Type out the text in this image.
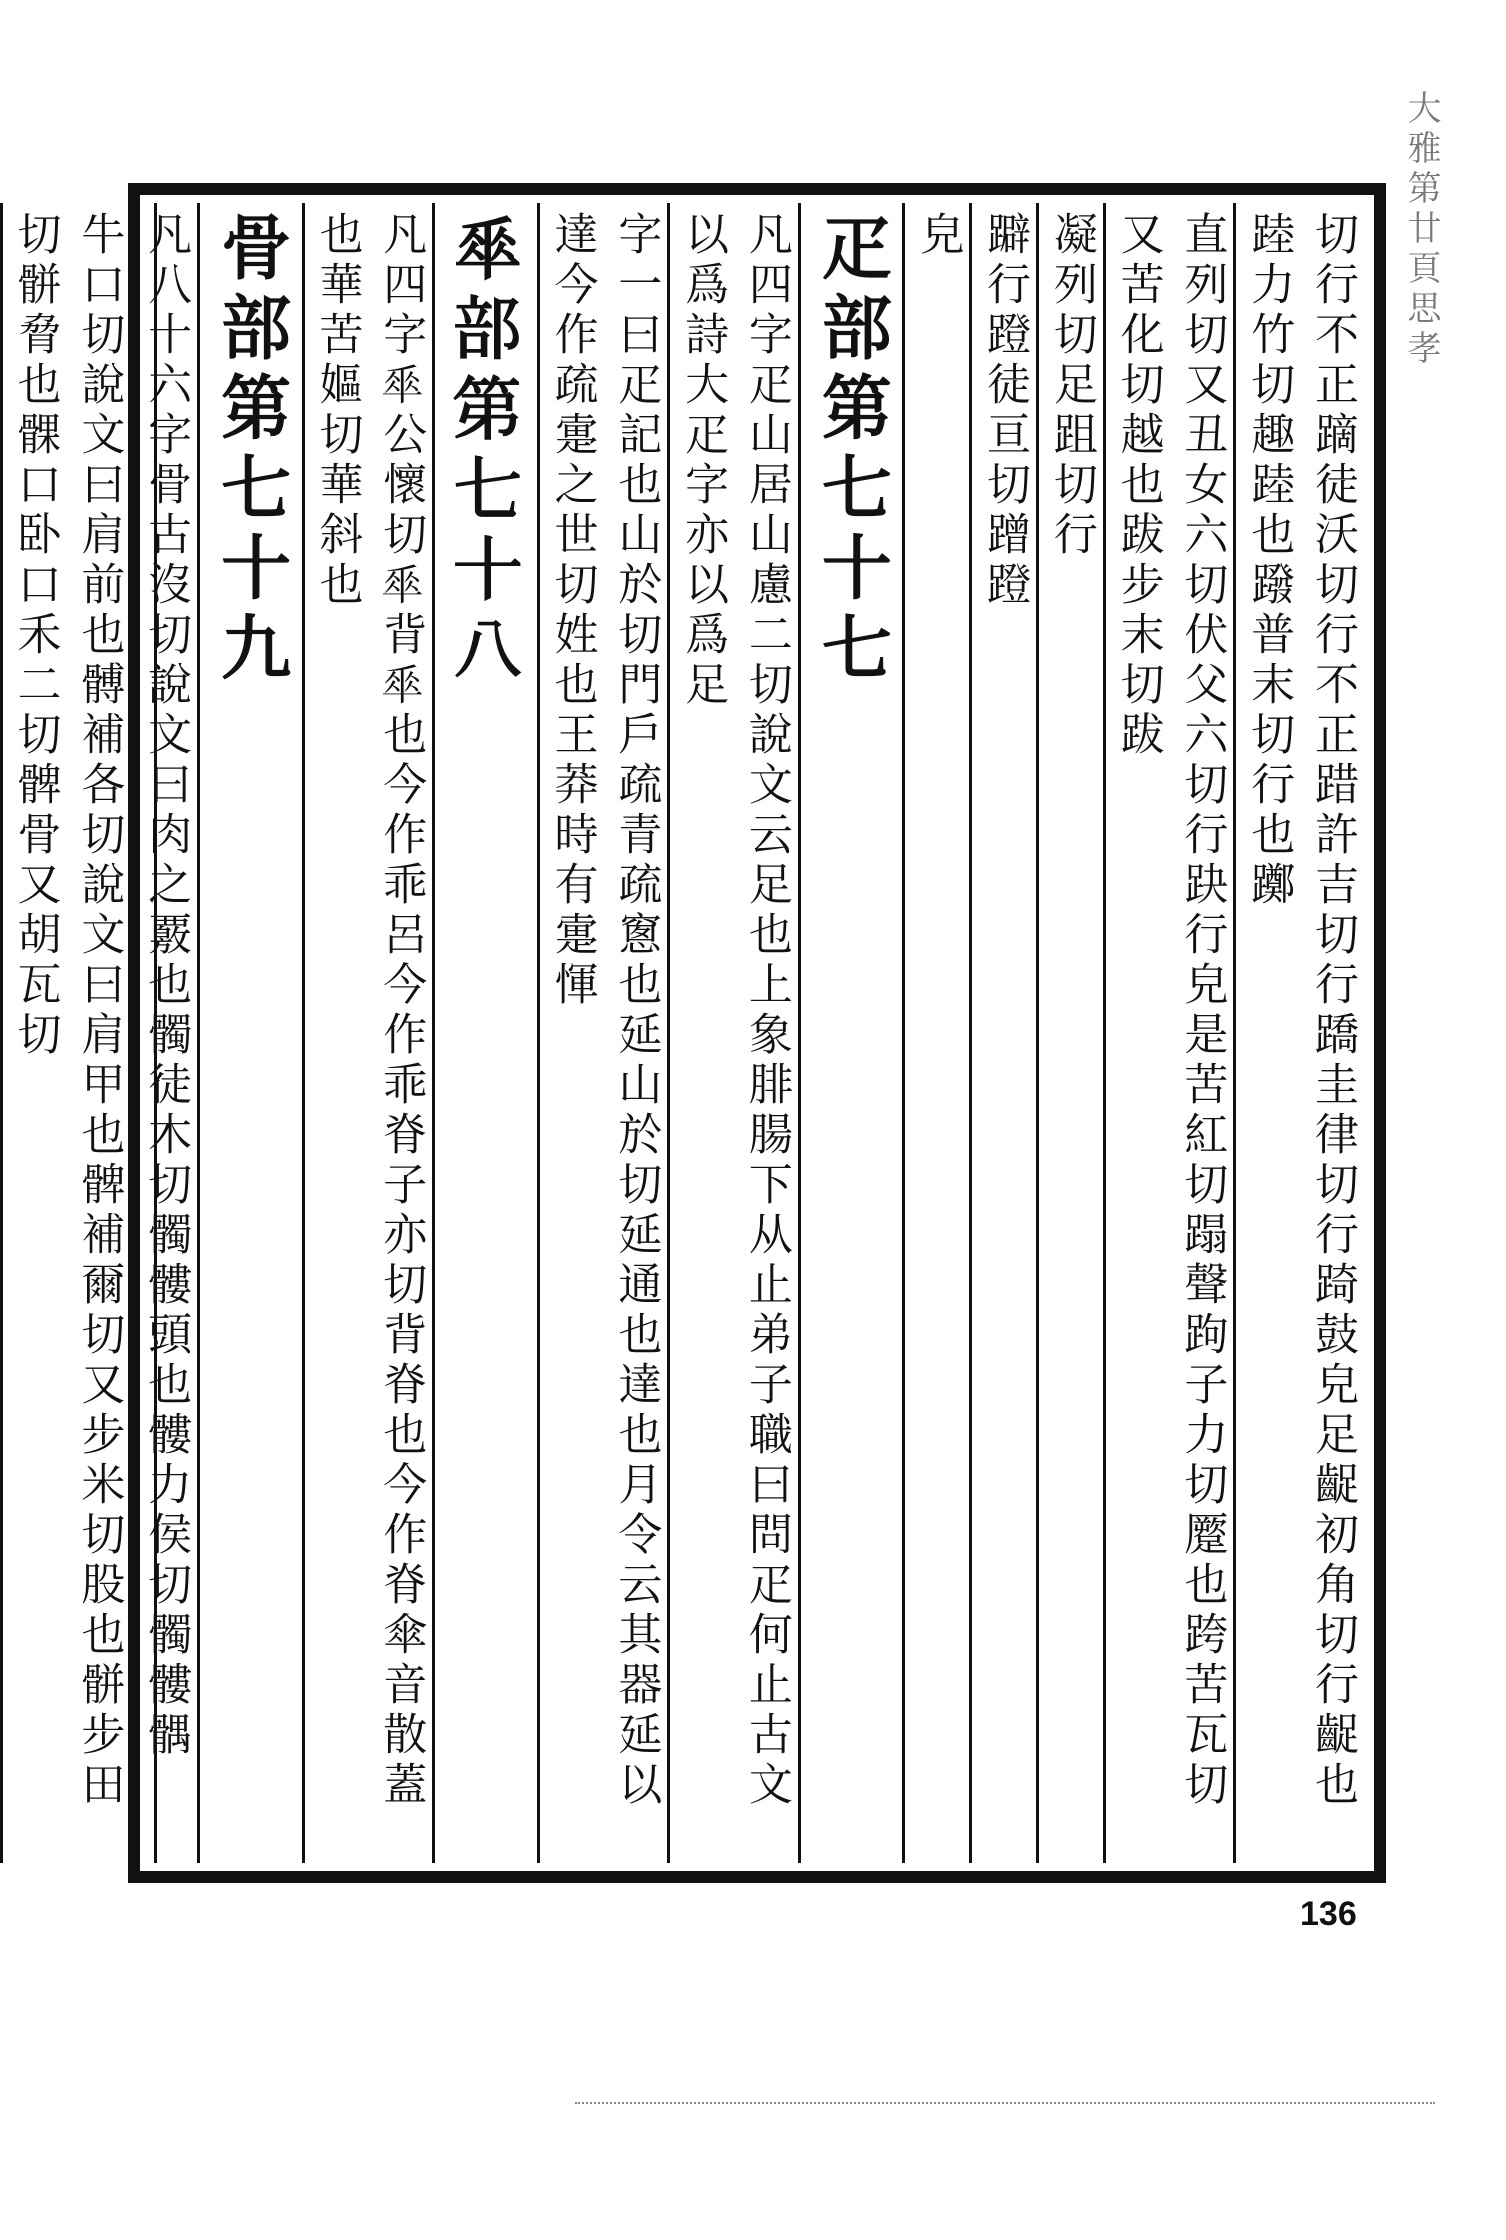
大雅第廿頁思孝
切行不正蹢徒沃切行不正踖許吉切行蹻圭律切行踦鼓皃足齪初角切行齪也踛力竹切趣踛也蹳普末切行也躑
直列切又丑女六切伏父六切行趹行皃是苦紅切蹋聲跔子力切蹷也跨苦瓦切又苦化切越也跋步末切跋
凝列切足跙切行
躃行蹬徒亘切蹭蹬
皃
疋部第七十七
凡四字疋山居山慮二切說文云足也上象腓腸下从止弟子職曰問疋何止古文以爲詩大疋字亦以爲足
字一曰疋記也山於切門戶疏青疏窻也延山於切延通也達也月令云其器延以達今作疏疐之世切姓也王莽時有疐惲
𠦬部第七十八
凡四字𠦬公懷切𠦬背𠦬也今作乖呂今作乖脊子亦切背脊也今作脊傘音散蓋也華苦嫗切華斜也
骨部第七十九
凡八十六字骨古沒切說文曰肉之覈也髑徒木切髑髏頭也髏力侯切髑髏髃
牛口切說文曰肩前也髆補各切說文曰肩甲也髀補爾切又步米切股也骿步田切骿脅也髁口卧口禾二切髀骨又胡瓦切
136
